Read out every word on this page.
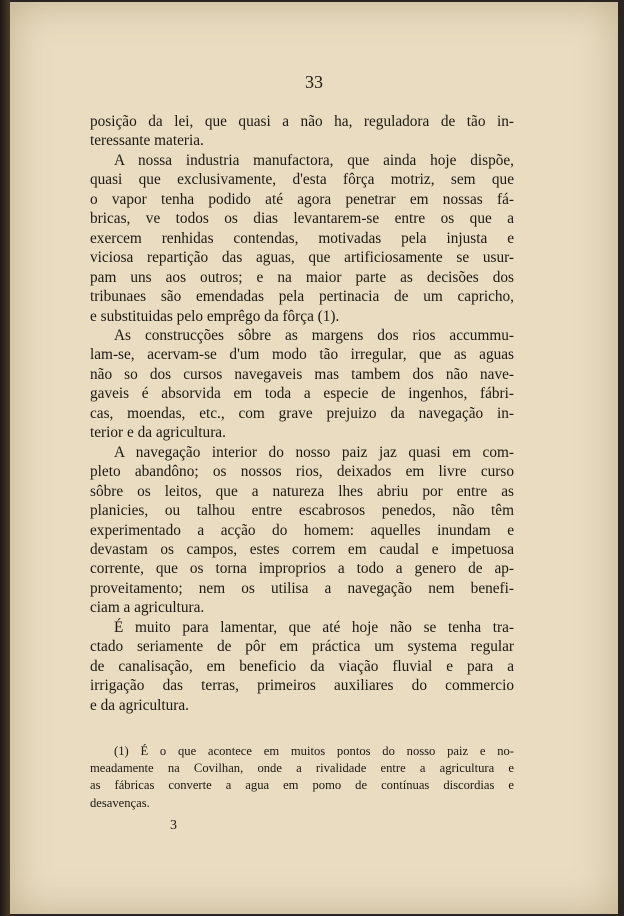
33

posição da lei, que quasi a não ha, reguladora de tão in-
teressante materia.

A nossa industria manufactora, que ainda hoje dispõe,
quasi que exclusivamente, d'esta fôrça motriz, sem que
o vapor tenha podido até agora penetrar em nossas fá-
bricas, ve todos os dias levantarem-se entre os que a
exercem renhidas contendas, motivadas pela injusta e
viciosa repartição das aguas, que artificiosamente se usur-
pam uns aos outros; e na maior parte as decisões dos
tribunaes são emendadas pela pertinacia de um capricho,
e substituidas pelo emprêgo da fôrça (1).

As construcções sôbre as margens dos rios accummu-
lam-se, acervam-se d'um modo tão irregular, que as aguas
não so dos cursos navegaveis mas tambem dos não nave-
gaveis é absorvida em toda a especie de ingenhos, fábri-
cas, moendas, etc., com grave prejuizo da navegação in-
terior e da agricultura.

A navegação interior do nosso paiz jaz quasi em com-
pleto abandôno; os nossos rios, deixados em livre curso
sôbre os leitos, que a natureza lhes abriu por entre as
planicies, ou talhou entre escabrosos penedos, não têm
experimentado a acção do homem: aquelles inundam e
devastam os campos, estes correm em caudal e impetuosa
corrente, que os torna improprios a todo a genero de ap-
proveitamento; nem os utilisa a navegação nem benefi-
ciam a agricultura.

É muito para lamentar, que até hoje não se tenha tra-
ctado seriamente de pôr em práctica um systema regular
de canalisação, em beneficio da viação fluvial e para a
irrigação das terras, primeiros auxiliares do commercio
e da agricultura.

(1) É o que acontece em muitos pontos do nosso paiz e no-
meadamente na Covilhan, onde a rivalidade entre a agricultura e
as fábricas converte a agua em pomo de contínuas discordias e
desavenças.
3
